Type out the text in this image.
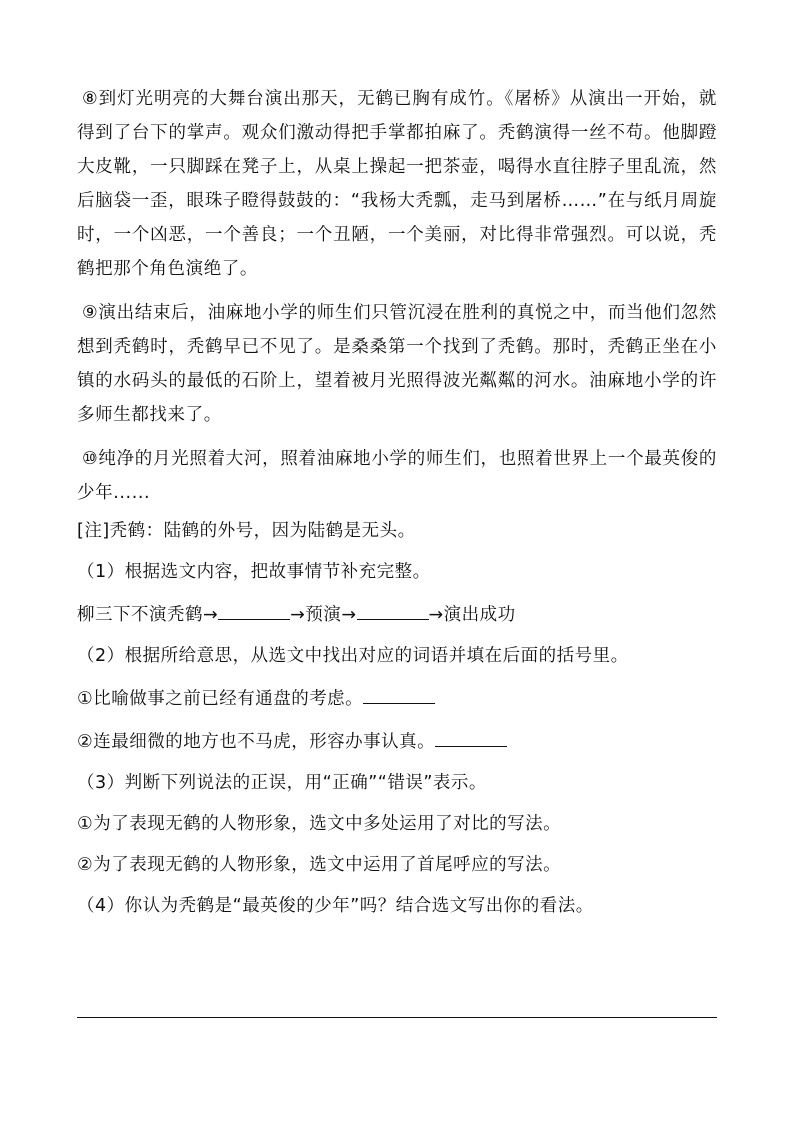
⑧到灯光明亮的大舞台演出那天，无鹤已胸有成竹。《屠桥》从演出一开始，就得到了台下的掌声。观众们激动得把手掌都拍麻了。秃鹤演得一丝不苟。他脚蹬大皮靴，一只脚踩在凳子上，从桌上操起一把茶壶，喝得水直往脖子里乱流，然后脑袋一歪，眼珠子瞪得鼓鼓的：“我杨大秃瓢，走马到屠桥……”在与纸月周旋时，一个凶恶，一个善良；一个丑陋，一个美丽，对比得非常强烈。可以说，秃鹤把那个角色演绝了。

⑨演出结束后，油麻地小学的师生们只管沉浸在胜利的真悦之中，而当他们忽然想到秃鹤时，秃鹤早已不见了。是桑桑第一个找到了秃鹤。那时，秃鹤正坐在小镇的水码头的最低的石阶上，望着被月光照得波光粼粼的河水。油麻地小学的许多师生都找来了。

⑩纯净的月光照着大河，照着油麻地小学的师生们，也照着世界上一个最英俊的少年......

[注]秃鹤：陆鹤的外号，因为陆鹤是无头。

（1）根据选文内容，把故事情节补充完整。

柳三下不演秃鹤→	→预演→	→演出成功

（2）根据所给意思，从选文中找出对应的词语并填在后面的括号里。

①比喻做事之前已经有通盘的考虑。

②连最细微的地方也不马虎，形容办事认真。

（3）判断下列说法的正误，用“正确”“错误”表示。

①为了表现无鹤的人物形象，选文中多处运用了对比的写法。

②为了表现无鹤的人物形象，选文中运用了首尾呼应的写法。

（4）你认为秃鹤是“最英俊的少年”吗？结合选文写出你的看法。
